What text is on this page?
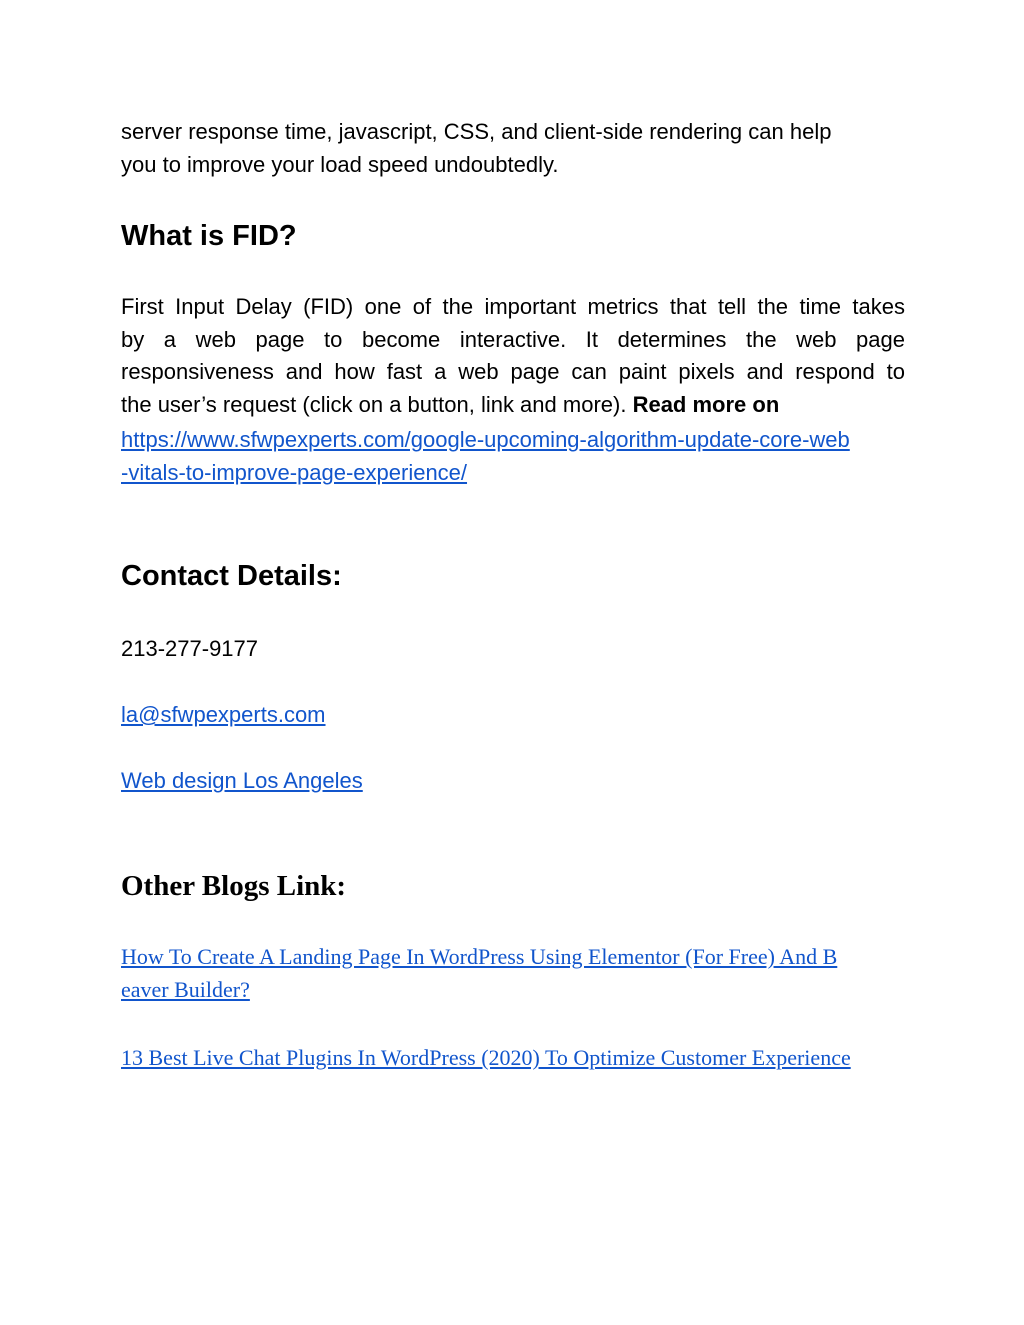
server response time, javascript, CSS, and client-side rendering can help
you to improve your load speed undoubtedly.

What is FID?
First Input Delay (FID) one of the important metrics that tell the time takes
by a web page to become interactive. It determines the web page
responsiveness and how fast a web page can paint pixels and respond to
the user’s request (click on a button, link and more). Read more on
https://www.sfwpexperts.com/google-upcoming-algorithm-update-core-web
-vitals-to-improve-page-experience/
Contact Details:
213-277-9177
la@sfwpexperts.com
Web design Los Angeles
Other Blogs Link:
How To Create A Landing Page In WordPress Using Elementor (For Free) And B
eaver Builder?
13 Best Live Chat Plugins In WordPress (2020) To Optimize Customer Experience
